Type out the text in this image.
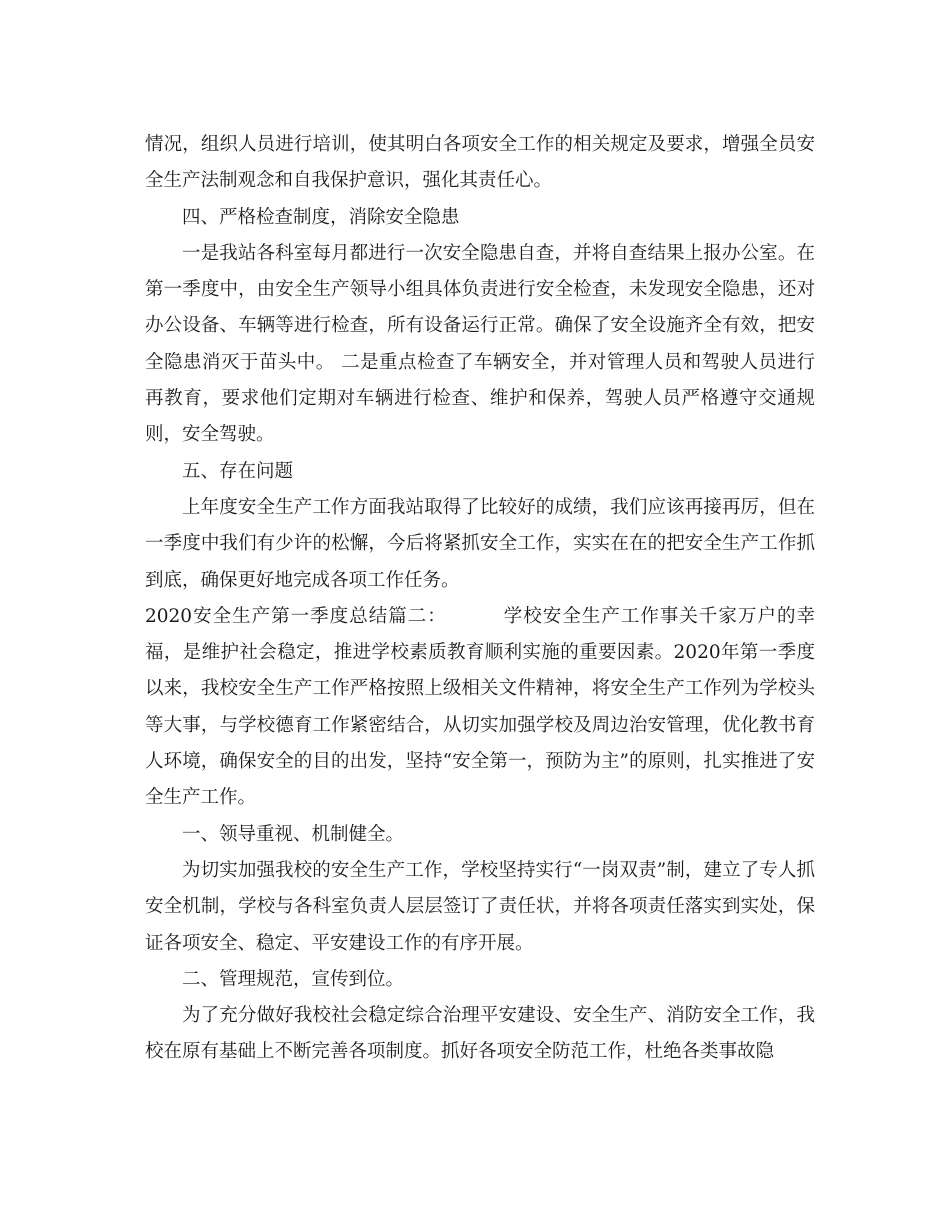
情况，组织人员进行培训，使其明白各项安全工作的相关规定及要求，增强全员安全生产法制观念和自我保护意识，强化其责任心。

四、严格检查制度，消除安全隐患

一是我站各科室每月都进行一次安全隐患自查，并将自查结果上报办公室。在第一季度中，由安全生产领导小组具体负责进行安全检查，未发现安全隐患，还对办公设备、车辆等进行检查，所有设备运行正常。确保了安全设施齐全有效，把安全隐患消灭于苗头中。 二是重点检查了车辆安全，并对管理人员和驾驶人员进行再教育，要求他们定期对车辆进行检查、维护和保养，驾驶人员严格遵守交通规则，安全驾驶。

五、存在问题

上年度安全生产工作方面我站取得了比较好的成绩，我们应该再接再厉，但在一季度中我们有少许的松懈，今后将紧抓安全工作，实实在在的把安全生产工作抓到底，确保更好地完成各项工作任务。

2020安全生产第一季度总结篇二：	学校安全生产工作事关千家万户的幸福，是维护社会稳定，推进学校素质教育顺利实施的重要因素。2020年第一季度以来，我校安全生产工作严格按照上级相关文件精神，将安全生产工作列为学校头等大事，与学校德育工作紧密结合，从切实加强学校及周边治安管理，优化教书育人环境，确保安全的目的出发，坚持“安全第一，预防为主”的原则，扎实推进了安全生产工作。

一、领导重视、机制健全。

为切实加强我校的安全生产工作，学校坚持实行“一岗双责”制，建立了专人抓安全机制，学校与各科室负责人层层签订了责任状，并将各项责任落实到实处，保证各项安全、稳定、平安建设工作的有序开展。

二、管理规范，宣传到位。

为了充分做好我校社会稳定综合治理平安建设、安全生产、消防安全工作，我校在原有基础上不断完善各项制度。抓好各项安全防范工作，杜绝各类事故隐
